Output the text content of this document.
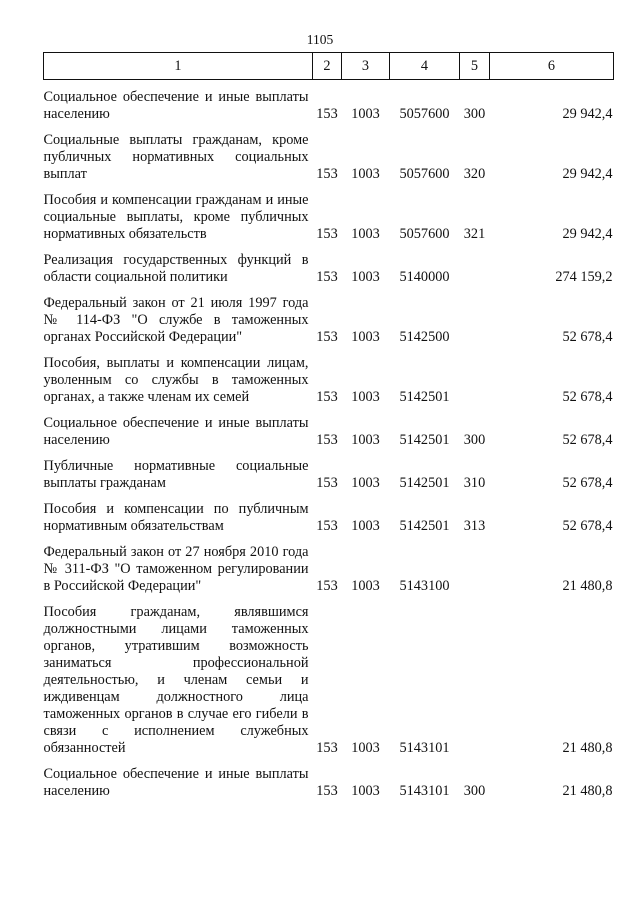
1105
1	2	3	4	5	6

Социальное обеспечение и иные выплаты населению	153	1003	5057600	300	29 942,4

Социальные выплаты гражданам, кроме публичных нормативных социальных выплат	153	1003	5057600	320	29 942,4

Пособия и компенсации гражданам и иные социальные выплаты, кроме публичных нормативных обязательств	153	1003	5057600	321	29 942,4

Реализация государственных функций в области социальной политики	153	1003	5140000		274 159,2

Федеральный закон от 21 июля 1997 года № 114-ФЗ "О службе в таможенных органах Российской Федерации"	153	1003	5142500		52 678,4

Пособия, выплаты и компенсации лицам, уволенным со службы в таможенных органах, а также членам их семей	153	1003	5142501		52 678,4

Социальное обеспечение и иные выплаты населению	153	1003	5142501	300	52 678,4

Публичные нормативные социальные выплаты гражданам	153	1003	5142501	310	52 678,4

Пособия и компенсации по публичным нормативным обязательствам	153	1003	5142501	313	52 678,4

Федеральный закон от 27 ноября 2010 года № 311-ФЗ "О таможенном регулировании в Российской Федерации"	153	1003	5143100		21 480,8

Пособия гражданам, являвшимся должностными лицами таможенных органов, утратившим возможность заниматься профессиональной деятельностью, и членам семьи и иждивенцам должностного лица таможенных органов в случае его гибели в связи с исполнением служебных обязанностей	153	1003	5143101		21 480,8

Социальное обеспечение и иные выплаты населению	153	1003	5143101	300	21 480,8
